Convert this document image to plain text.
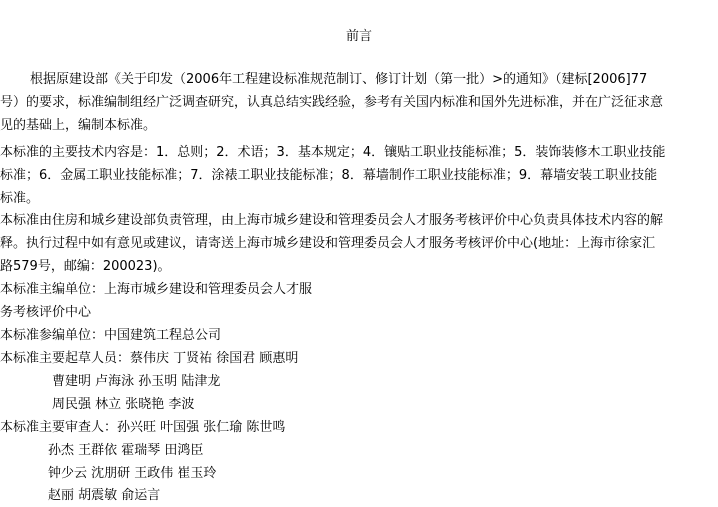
前言
根据原建设部《关于印发（2006年工程建设标准规范制订、修订计划（第一批）>的通知》（建标[2006]77
号）的要求，标准编制组经广泛调查研究，认真总结实践经验，参考有关国内标准和国外先进标准，并在广泛征求意
见的基础上，编制本标准。
本标准的主要技术内容是：1．总则；2．术语；3．基本规定；4．镶贴工职业技能标准；5．装饰装修木工职业技能
标准；6．金属工职业技能标准；7．涂裱工职业技能标准；8．幕墙制作工职业技能标准；9．幕墙安装工职业技能
标准。
本标准由住房和城乡建设部负责管理，由上海市城乡建设和管理委员会人才服务考核评价中心负责具体技术内容的解
释。执行过程中如有意见或建议，请寄送上海市城乡建设和管理委员会人才服务考核评价中心(地址：上海市徐家汇
路579号，邮编：200023)。
本标准主编单位：上海市城乡建设和管理委员会人才服
务考核评价中心
本标准参编单位：中国建筑工程总公司
本标准主要起草人员：蔡伟庆 丁贤祐 徐国君 顾惠明
曹建明 卢海泳 孙玉明 陆津龙
周民强 林立 张晓艳 李波
本标准主要审查人：孙兴旺 叶国强 张仁瑜 陈世鸣
孙杰 王群依 霍瑞琴 田鸿臣
钟少云 沈朋研 王政伟 崔玉玲
赵丽 胡震敏 俞运言
